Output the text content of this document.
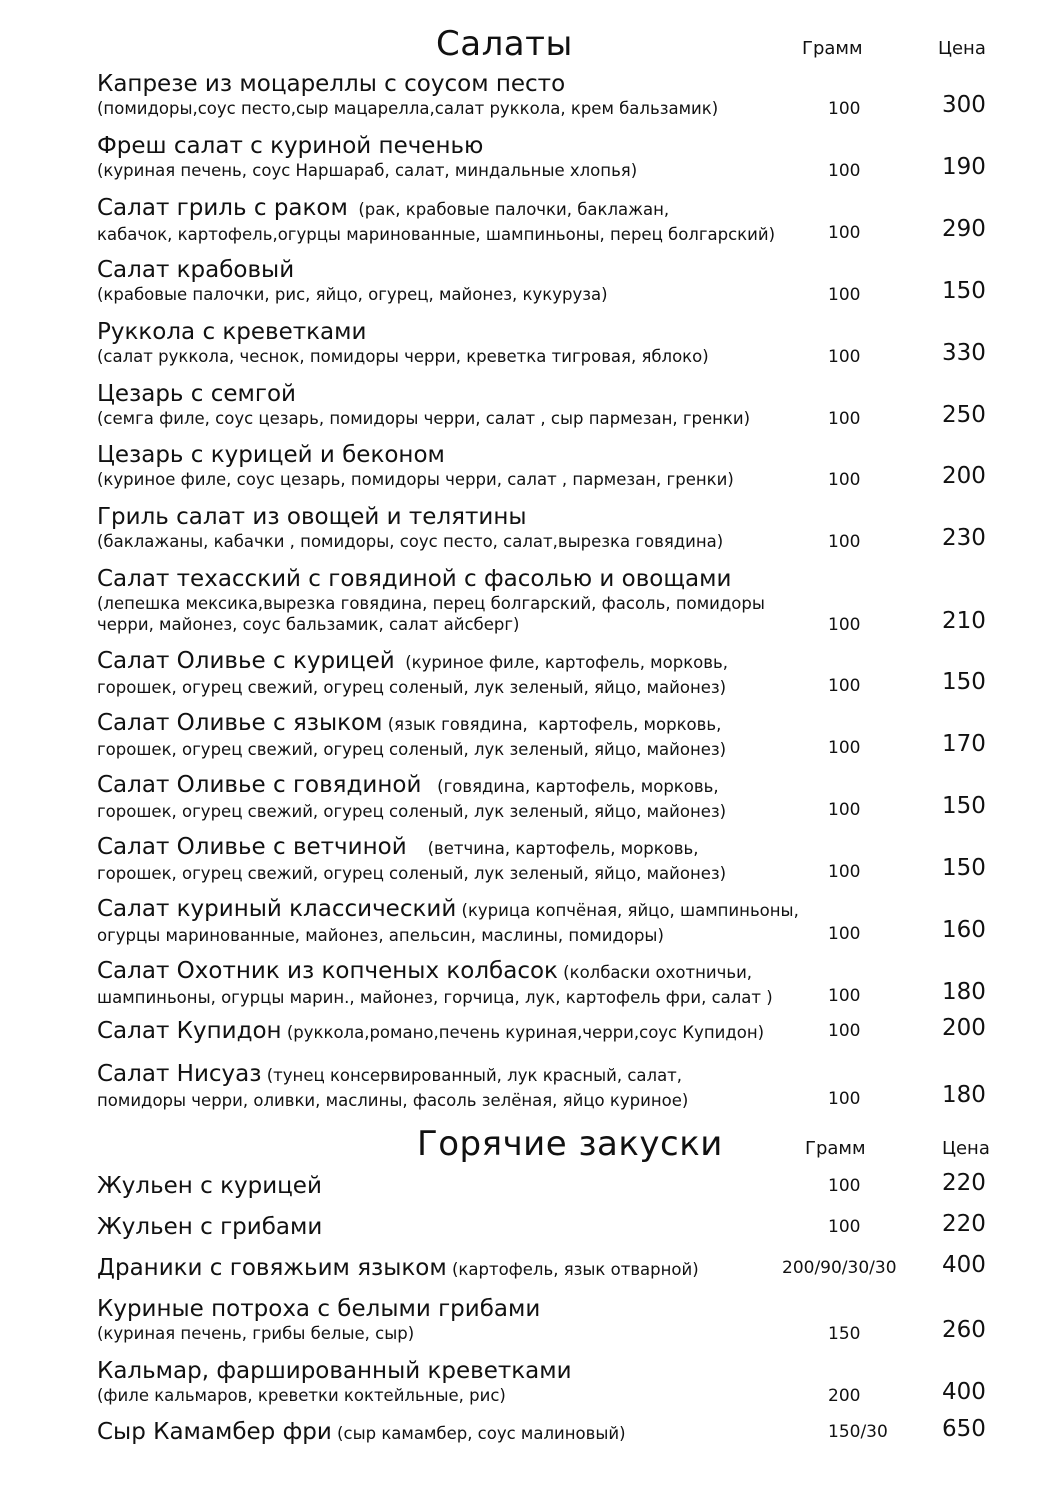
Салаты	Грамм	Цена
Капрезе из моцареллы с соусом песто
(помидоры,соус песто,сыр мацарелла,салат руккола, крем бальзамик)	100	300
Фреш салат с куриной печенью
(куриная печень, соус Наршараб, салат, миндальные хлопья)	100	190
Салат гриль с раком  (рак, крабовые палочки, баклажан,
кабачок, картофель,огурцы маринованные, шампиньоны, перец болгарский)	100	290
Салат крабовый
(крабовые палочки, рис, яйцо, огурец, майонез, кукуруза)	100	150
Руккола с креветками
(салат руккола, чеснок, помидоры черри, креветка тигровая, яблоко)	100	330
Цезарь с семгой
(семга филе, соус цезарь, помидоры черри, салат , сыр пармезан, гренки)	100	250
Цезарь с курицей и беконом
(куриное филе, соус цезарь, помидоры черри, салат , пармезан, гренки)	100	200
Гриль салат из овощей и телятины
(баклажаны, кабачки , помидоры, соус песто, салат,вырезка говядина)	100	230
Салат техасский с говядиной с фасолью и овощами
(лепешка мексика,вырезка говядина, перец болгарский, фасоль, помидоры
черри, майонез, соус бальзамик, салат айсберг)	100	210
Салат Оливье с курицей  (куриное филе, картофель, морковь,
горошек, огурец свежий, огурец соленый, лук зеленый, яйцо, майонез)	100	150
Салат Оливье с языком (язык говядина,  картофель, морковь,
горошек, огурец свежий, огурец соленый, лук зеленый, яйцо, майонез)	100	170
Салат Оливье с говядиной   (говядина, картофель, морковь,
горошек, огурец свежий, огурец соленый, лук зеленый, яйцо, майонез)	100	150
Салат Оливье с ветчиной    (ветчина, картофель, морковь,
горошек, огурец свежий, огурец соленый, лук зеленый, яйцо, майонез)	100	150
Салат куриный классический (курица копчёная, яйцо, шампиньоны,
огурцы маринованные, майонез, апельсин, маслины, помидоры)	100	160
Салат Охотник из копченых колбасок (колбаски охотничьи,
шампиньоны, огурцы марин., майонез, горчица, лук, картофель фри, салат )	100	180
Салат Купидон (руккола,романо,печень куриная,черри,соус Купидон)	100	200
Салат Нисуаз (тунец консервированный, лук красный, салат,
помидоры черри, оливки, маслины, фасоль зелёная, яйцо куриное)	100	180
Горячие закуски	Грамм	Цена
Жульен с курицей	100	220
Жульен с грибами	100	220
Драники с говяжьим языком (картофель, язык отварной)	200/90/30/30 400
Куриные потроха с белыми грибами
(куриная печень, грибы белые, сыр)	150	260
Кальмар, фаршированный креветками
(филе кальмаров, креветки коктейльные, рис)	200	400
Сыр Камамбер фри (сыр камамбер, соус малиновый)	150/30 650
